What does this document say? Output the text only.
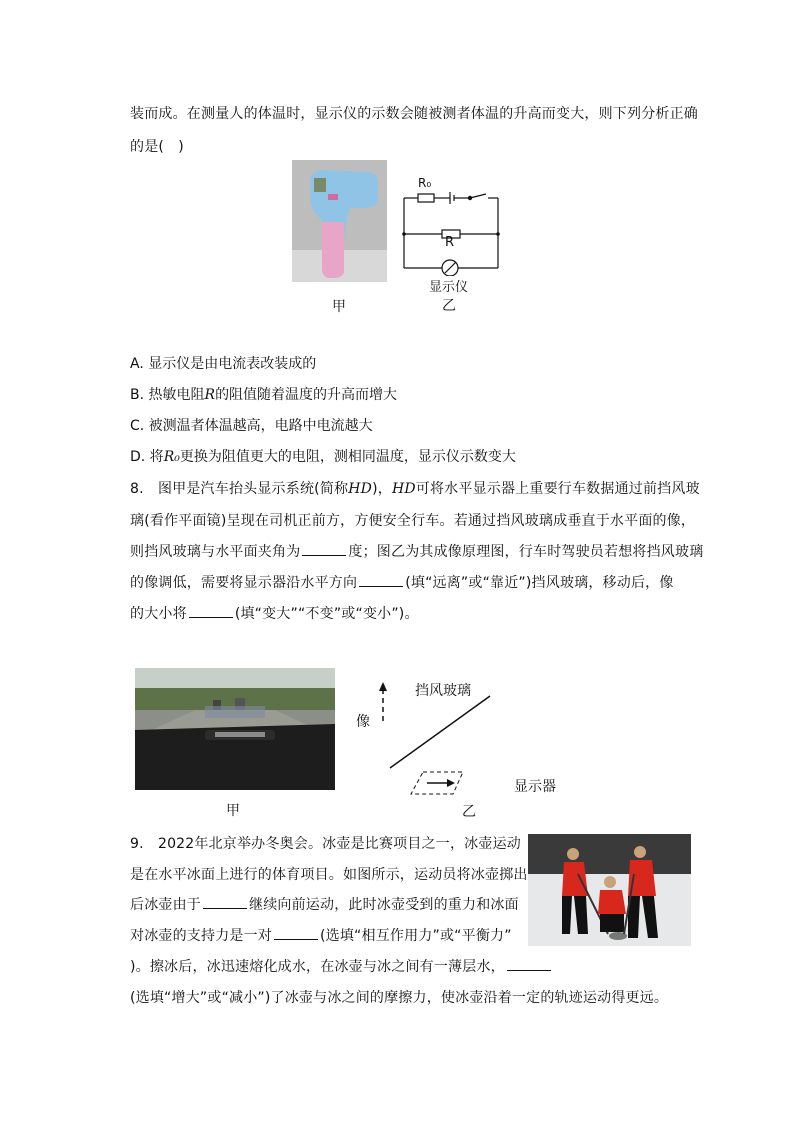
装而成。在测量人的体温时，显示仪的示数会随被测者体温的升高而变大，则下列分析正确
的是(　)
甲
R₀
R
显示仪
乙
A. 显示仪是由电流表改装成的
B. 热敏电阻R的阻值随着温度的升高而增大
C. 被测温者体温越高，电路中电流越大
D. 将R₀更换为阻值更大的电阻，测相同温度，显示仪示数变大
8.　图甲是汽车抬头显示系统(简称HD)，HD可将水平显示器上重要行车数据通过前挡风玻
璃(看作平面镜)呈现在司机正前方，方便安全行车。若通过挡风玻璃成垂直于水平面的像，
则挡风玻璃与水平面夹角为	度；图乙为其成像原理图，行车时驾驶员若想将挡风玻璃
的像调低，需要将显示器沿水平方向	(填“远离”或“靠近”)挡风玻璃，移动后，像
的大小将	(填“变大”“不变”或“变小”)。
甲
挡风玻璃
像
显示器
乙
9.　2022年北京举办冬奥会。冰壶是比赛项目之一，冰壶运动
是在水平冰面上进行的体育项目。如图所示，运动员将冰壶掷出
后冰壶由于	继续向前运动，此时冰壶受到的重力和冰面
对冰壶的支持力是一对	(选填“相互作用力”或“平衡力”
)。擦冰后，冰迅速熔化成水，在冰壶与冰之间有一薄层水，
(选填“增大”或“减小”)了冰壶与冰之间的摩擦力，使冰壶沿着一定的轨迹运动得更远。
